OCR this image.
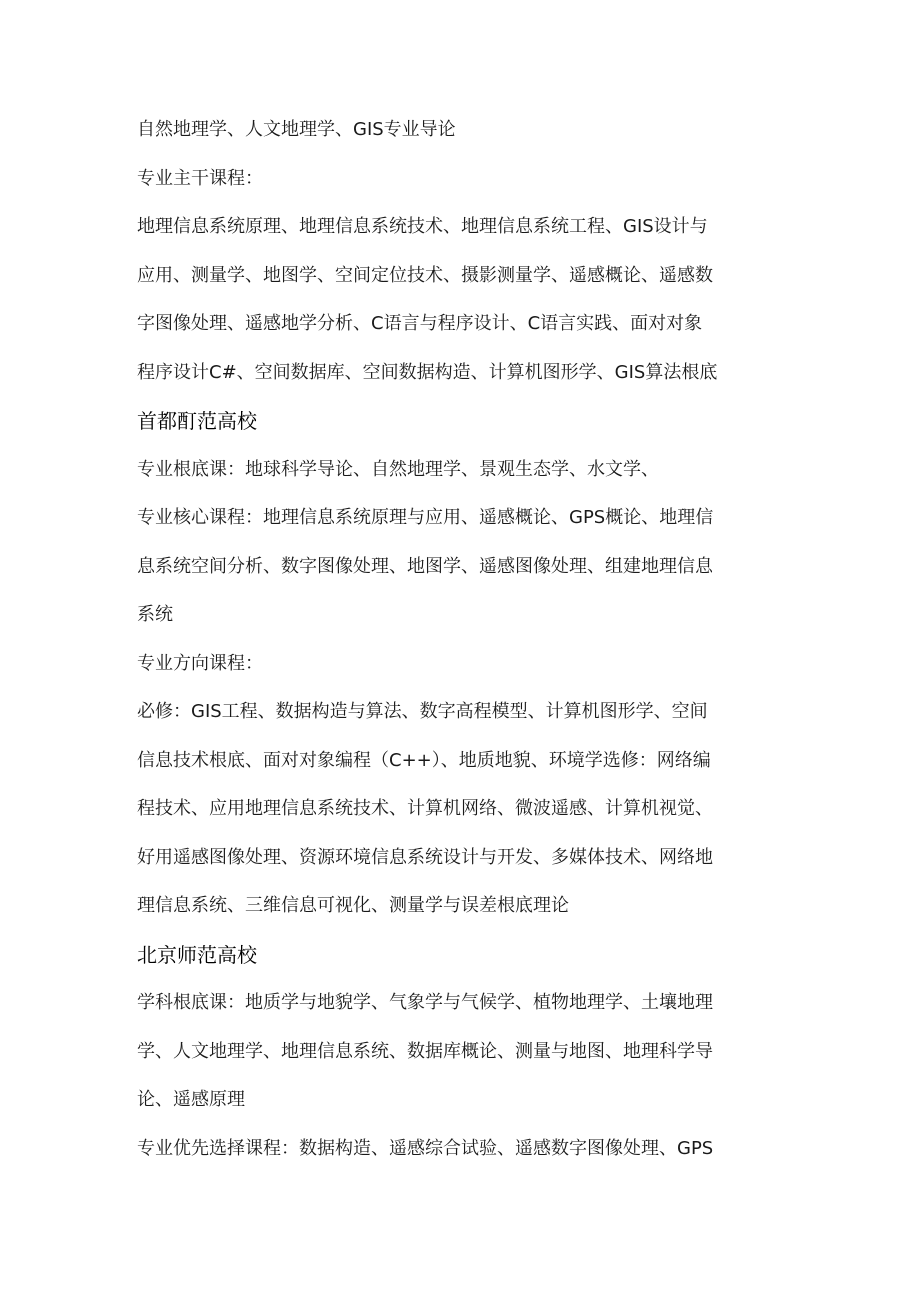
自然地理学、人文地理学、GIS专业导论
专业主干课程：
地理信息系统原理、地理信息系统技术、地理信息系统工程、GIS设计与
应用、测量学、地图学、空间定位技术、摄影测量学、遥感概论、遥感数
字图像处理、遥感地学分析、C语言与程序设计、C语言实践、面对对象
程序设计C#、空间数据库、空间数据构造、计算机图形学、GIS算法根底
首都酊范高校
专业根底课：地球科学导论、自然地理学、景观生态学、水文学、
专业核心课程：地理信息系统原理与应用、遥感概论、GPS概论、地理信
息系统空间分析、数字图像处理、地图学、遥感图像处理、组建地理信息
系统
专业方向课程：
必修：GIS工程、数据构造与算法、数字高程模型、计算机图形学、空间
信息技术根底、面对对象编程（C++）、地质地貌、环境学选修：网络编
程技术、应用地理信息系统技术、计算机网络、微波遥感、计算机视觉、
好用遥感图像处理、资源环境信息系统设计与开发、多媒体技术、网络地
理信息系统、三维信息可视化、测量学与误差根底理论
北京师范高校
学科根底课：地质学与地貌学、气象学与气候学、植物地理学、土壤地理
学、人文地理学、地理信息系统、数据库概论、测量与地图、地理科学导
论、遥感原理
专业优先选择课程：数据构造、遥感综合试验、遥感数字图像处理、GPS
